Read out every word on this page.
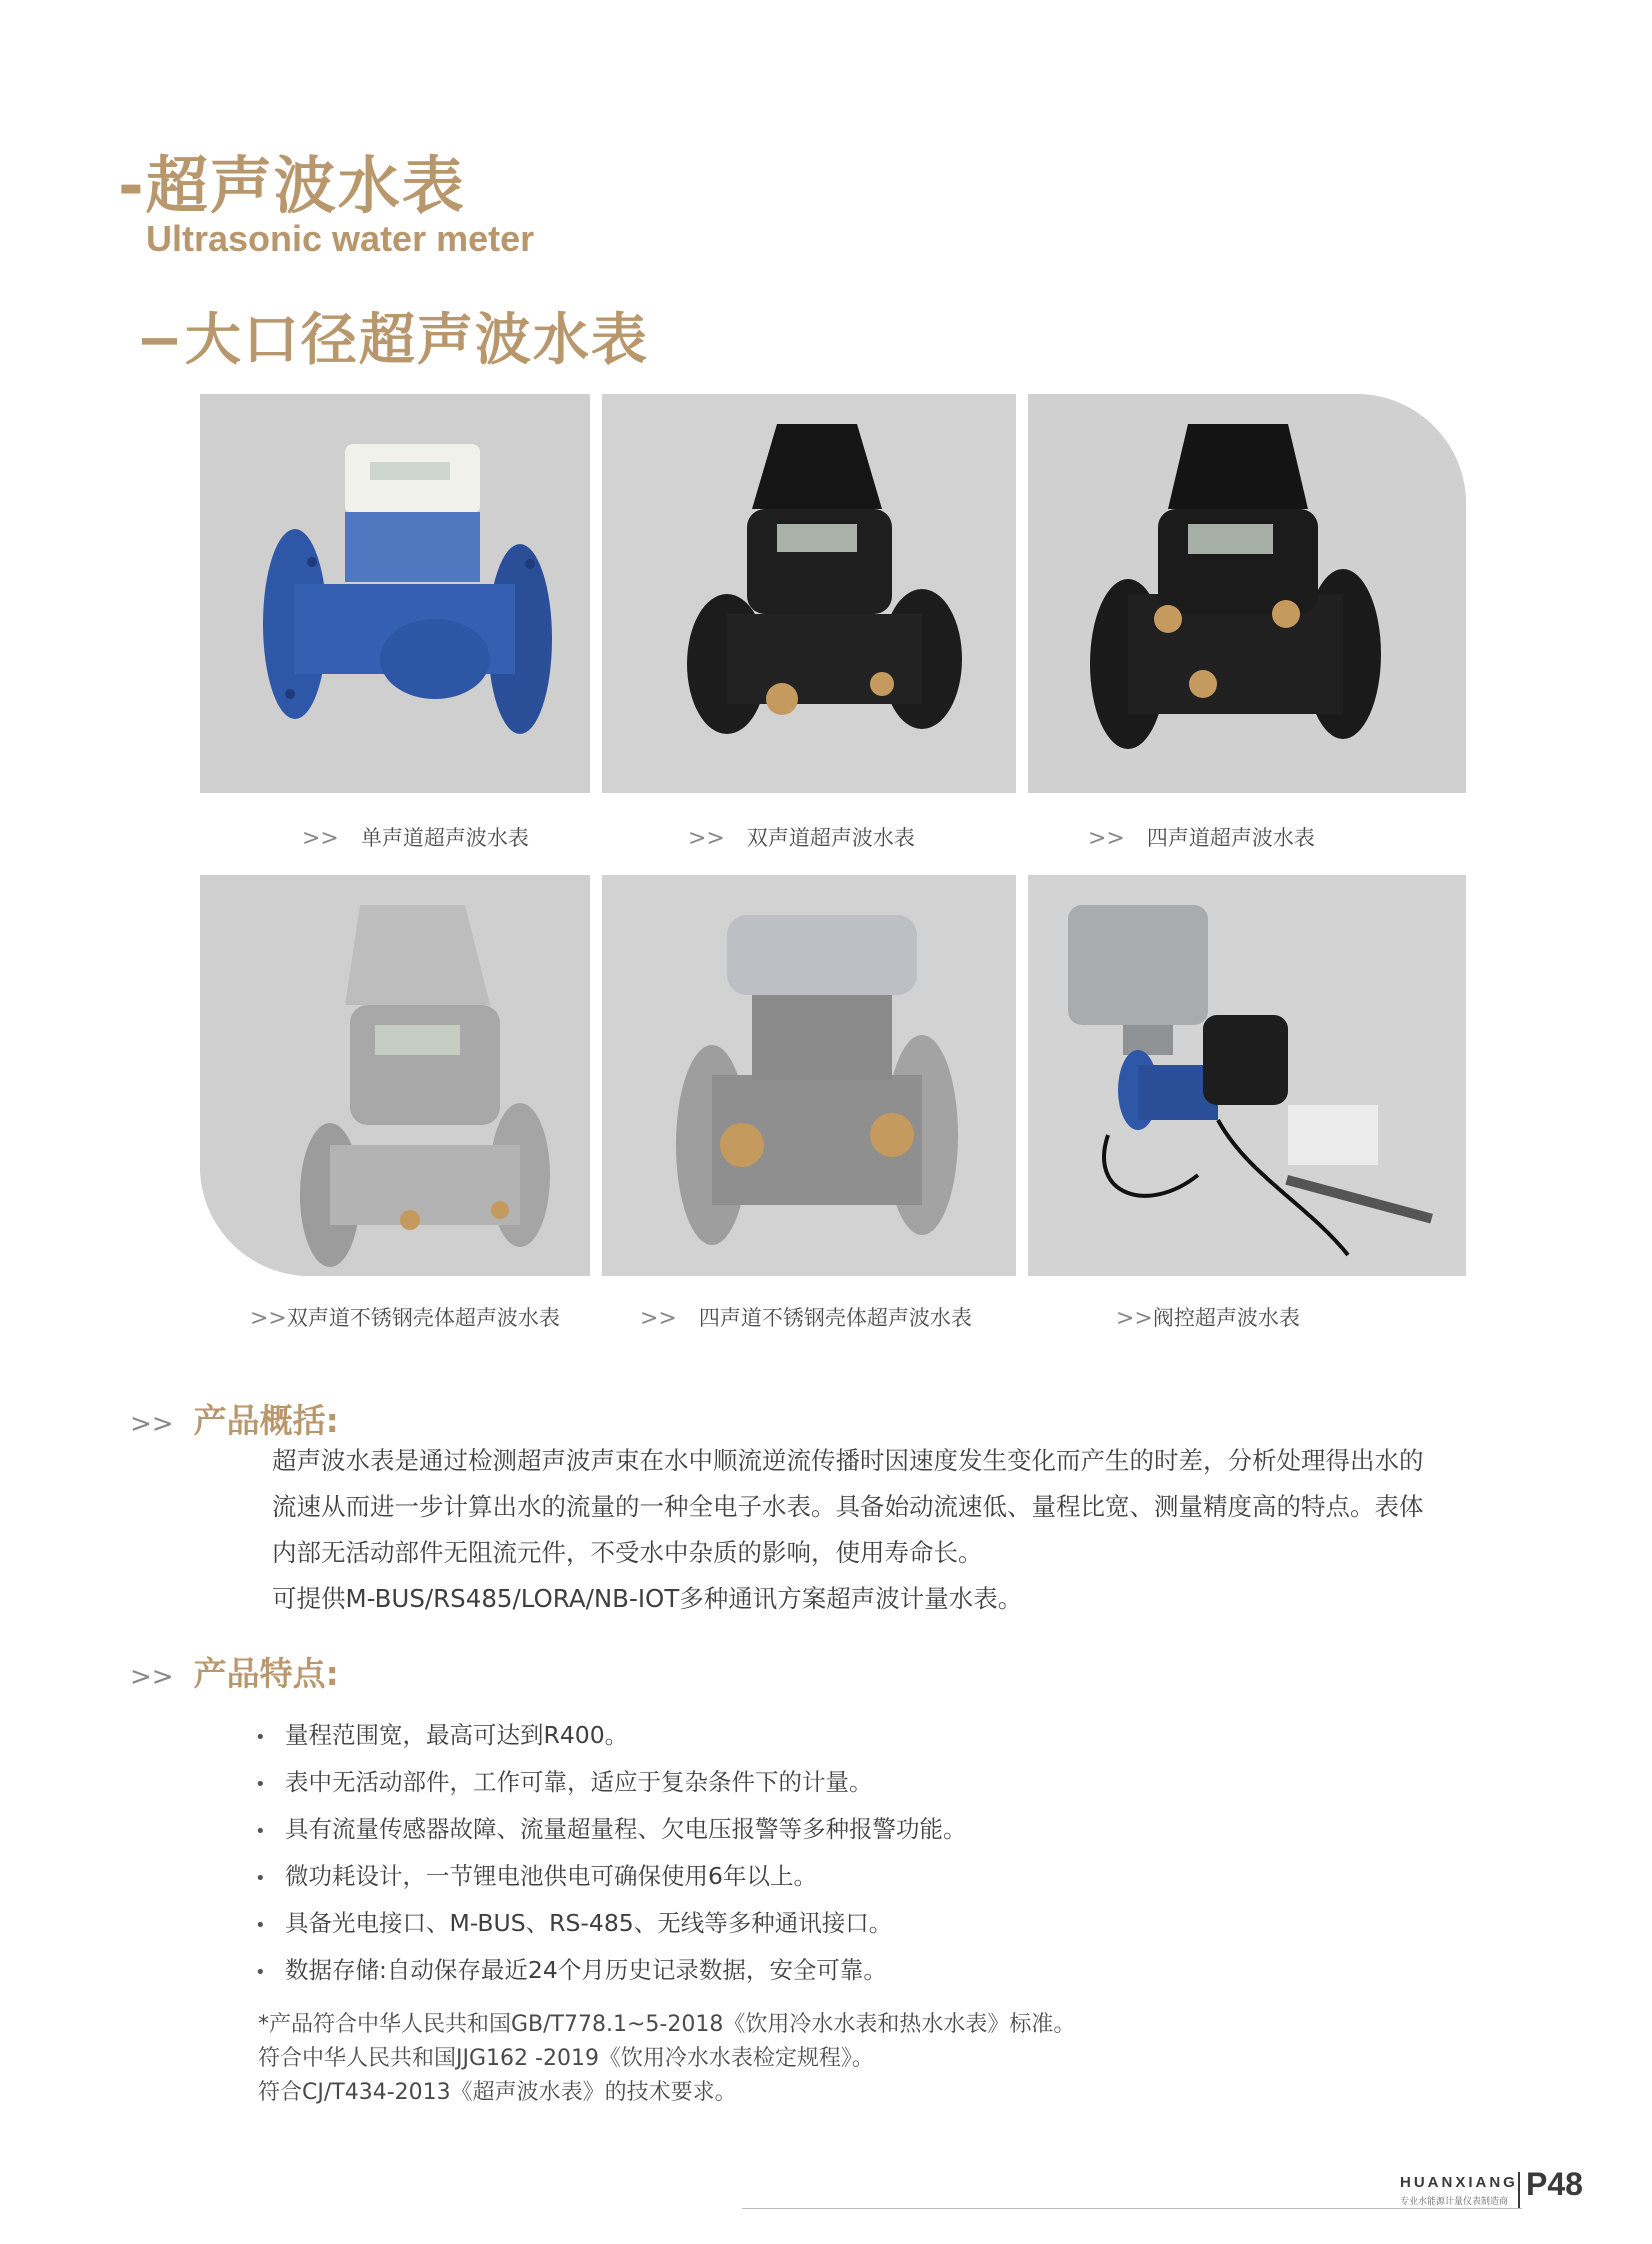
-超声波水表
Ultrasonic water meter
−大口径超声波水表
>> 单声道超声波水表	>> 双声道超声波水表	>> 四声道超声波水表
>>双声道不锈钢壳体超声波水表	>> 四声道不锈钢壳体超声波水表	>>阀控超声波水表
>> 产品概括:

超声波水表是通过检测超声波声束在水中顺流逆流传播时因速度发生变化而产生的时差，分析处理得出水的

流速从而进一步计算出水的流量的一种全电子水表。具备始动流速低、量程比宽、测量精度高的特点。表体

内部无活动部件无阻流元件，不受水中杂质的影响，使用寿命长。

可提供M-BUS/RS485/LORA/NB-IOT多种通讯方案超声波计量水表。

>> 产品特点:
• 量程范围宽，最高可达到R400。
• 表中无活动部件，工作可靠，适应于复杂条件下的计量。
• 具有流量传感器故障、流量超量程、欠电压报警等多种报警功能。
• 微功耗设计，一节锂电池供电可确保使用6年以上。
• 具备光电接口、M-BUS、RS-485、无线等多种通讯接口。
• 数据存储:自动保存最近24个月历史记录数据，安全可靠。

*产品符合中华人民共和国GB/T778.1~5-2018《饮用冷水水表和热水水表》标准。

符合中华人民共和国JJG162 -2019《饮用冷水水表检定规程》。

符合CJ/T434-2013《超声波水表》的技术要求。

HUANXIANG
专业水能源计量仪表制造商 P48
